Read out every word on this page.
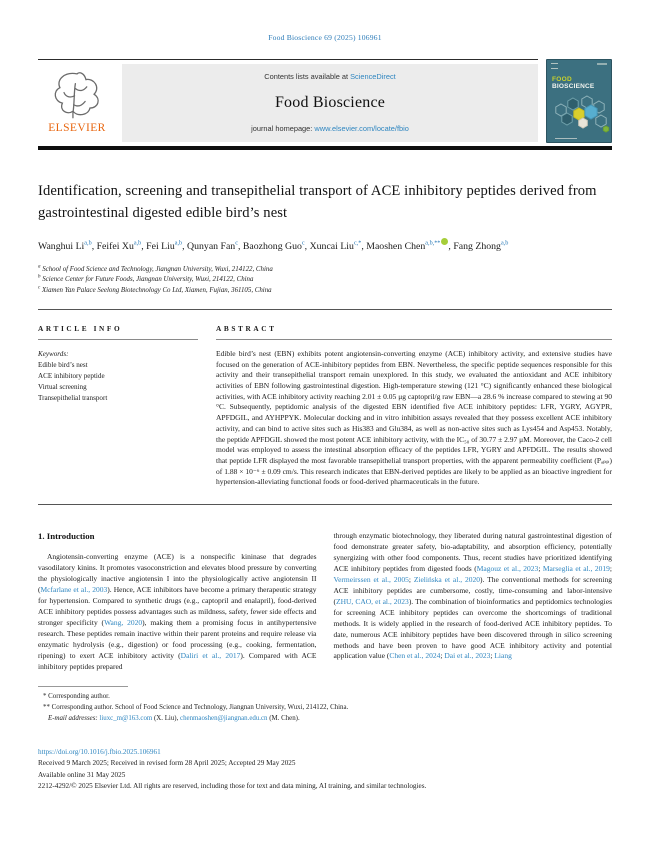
Food Bioscience 69 (2025) 106961
ELSEVIER
Contents lists available at ScienceDirect
Food Bioscience
journal homepage: www.elsevier.com/locate/fbio
FOOD
BIOSCIENCE
Identification, screening and transepithelial transport of ACE inhibitory peptides derived from gastrointestinal digested edible bird’s nest
Wanghui Li$^{a,b}$, Feifei Xu$^{a,b}$, Fei Liu$^{a,b}$, Qunyan Fan$^c$, Baozhong Guo$^c$, Xuncai Liu$^{c,*}$, Maoshen Chen$^{a,b,**}$ , Fang Zhong$^{a,b}$
$^a$ School of Food Science and Technology, Jiangnan University, Wuxi, 214122, China
$^b$ Science Center for Future Foods, Jiangnan University, Wuxi, 214122, China
$^c$ Xiamen Yan Palace Seelong Biotechnology Co Ltd, Xiamen, Fujian, 361105, China
ARTICLE INFO
Keywords:
Edible bird’s nest
ACE inhibitory peptide
Virtual screening
Transepithelial transport
ABSTRACT

Edible bird’s nest (EBN) exhibits potent angiotensin-converting enzyme (ACE) inhibitory activity, and extensive studies have focused on the generation of ACE-inhibitory peptides from EBN. Nevertheless, the specific peptide sequences responsible for this activity and their transepithelial transport remain unexplored. In this study, we evaluated the antioxidant and ACE inhibitory activities of EBN following gastrointestinal digestion. High-temperature stewing (121 °C) significantly enhanced these biological activities, with ACE inhibitory activity reaching 2.01 ± 0.05 μg captopril/g raw EBN—a 28.6 % increase compared to stewing at 90 °C. Subsequently, peptidomic analysis of the digested EBN identified five ACE inhibitory peptides: LFR, YGRY, AGYPR, APFDGIL, and AYHPPYK. Molecular docking and in vitro inhibition assays revealed that they possess excellent ACE inhibitory activity, and can bind to active sites such as His383 and Glu384, as well as non-active sites such as Lys454 and Asp453. Notably, the peptide APFDGIL showed the most potent ACE inhibitory activity, with the IC₅₀ of 30.77 ± 2.97 μM. Moreover, the Caco-2 cell model was employed to assess the intestinal absorption efficacy of the peptides LFR, YGRY and APFDGIL. The results showed that peptide LFR displayed the most favorable transepithelial transport properties, with the apparent permeability coefficient (Pₐₚₚ) of 1.88 × 10⁻⁶ ± 0.09 cm/s. This research indicates that EBN-derived peptides are likely to be applied as an bioactive ingredient for hypertension-alleviating functional foods or food-derived pharmaceuticals in the future.

1. Introduction

Angiotensin-converting enzyme (ACE) is a nonspecific kininase that degrades vasodilatory kinins. It promotes vasoconstriction and elevates blood pressure by converting the physiologically inactive angiotensin I into the physiologically active angiotensin II (Mcfarlane et al., 2003). Hence, ACE inhibitors have become a primary therapeutic strategy for hypertension. Compared to synthetic drugs (e.g., captopril and enalapril), food-derived ACE inhibitory peptides possess advantages such as mildness, safety, fewer side effects and stronger specificity (Wang, 2020), making them a promising focus in antihypertensive research. These peptides remain inactive within their parent proteins and require release via enzymatic hydrolysis (e.g., digestion) or food processing (e.g., cooking, fermentation, ripening) to exert ACE inhibitory activity (Daliri et al., 2017). Compared with ACE inhibitory peptides prepared

through enzymatic biotechnology, they liberated during natural gastrointestinal digestion of food demonstrate greater safety, bio-adaptability, and absorption efficiency, potentially synergizing with other food components. Thus, recent studies have prioritized identifying ACE inhibitory peptides from digested foods (Magouz et al., 2023; Marseglia et al., 2019; Vermeirssen et al., 2005; Zielińska et al., 2020). The conventional methods for screening ACE inhibitory peptides are cumbersome, costly, time-consuming and labor-intensive (ZHU, CAO, et al., 2023). The combination of bioinformatics and peptidomics technologies for screening ACE inhibitory peptides can overcome the shortcomings of traditional methods. It is widely applied in the research of food-derived ACE inhibitory peptides. To date, numerous ACE inhibitory peptides have been discovered through in silico screening methods and have been proven to have good ACE inhibitory activity and potential application value (Chen et al., 2024; Dai et al., 2023; Liang

* Corresponding author.
** Corresponding author. School of Food Science and Technology, Jiangnan University, Wuxi, 214122, China.
E-mail addresses: liuxc_m@163.com (X. Liu), chenmaoshen@jiangnan.edu.cn (M. Chen).
https://doi.org/10.1016/j.fbio.2025.106961
Received 9 March 2025; Received in revised form 28 April 2025; Accepted 29 May 2025
Available online 31 May 2025
2212-4292/© 2025 Elsevier Ltd. All rights are reserved, including those for text and data mining, AI training, and similar technologies.
